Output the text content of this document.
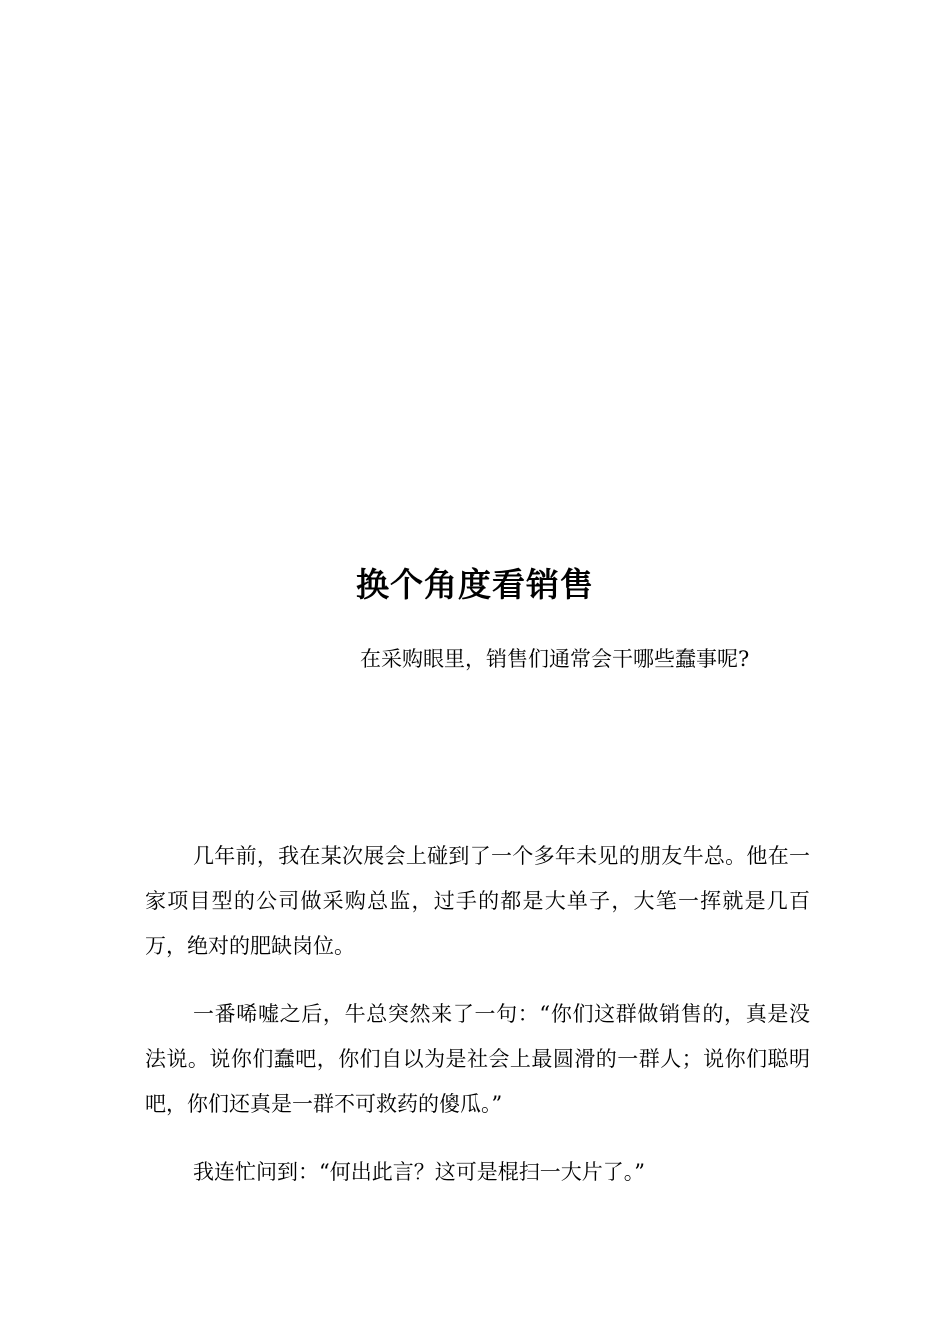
换个角度看销售

在采购眼里，销售们通常会干哪些蠢事呢?

几年前，我在某次展会上碰到了一个多年未见的朋友牛总。他在一家项目型的公司做采购总监，过手的都是大单子，大笔一挥就是几百万，绝对的肥缺岗位。

一番唏嘘之后，牛总突然来了一句：“你们这群做销售的，真是没法说。说你们蠢吧，你们自以为是社会上最圆滑的一群人；说你们聪明吧，你们还真是一群不可救药的傻瓜。”

我连忙问到：“何出此言？这可是棍扫一大片了。”
